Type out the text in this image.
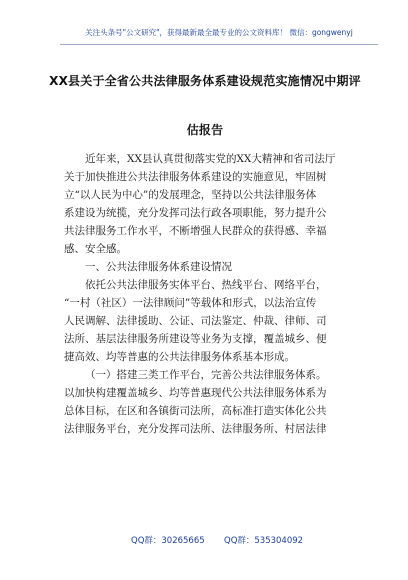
关注头条号"公文研究"，获得最新最全最专业的公文资料库！ 微信：gongwenyj
XX县关于全省公共法律服务体系建设规范实施情况中期评
估报告
近年来，XX县认真贯彻落实党的XX大精神和省司法厅
关于加快推进公共法律服务体系建设的实施意见，牢固树
立“以人民为中心”的发展理念，坚持以公共法律服务体
系建设为统揽，充分发挥司法行政各项职能，努力提升公
共法律服务工作水平，不断增强人民群众的获得感、幸福
感、安全感。
一、公共法律服务体系建设情况
依托公共法律服务实体平台、热线平台、网络平台，
“一村（社区）一法律顾问”等载体和形式，以法治宣传
人民调解、法律援助、公证、司法鉴定、仲裁、律师、司
法所、基层法律服务所建设等业务为支撑，覆盖城乡、便
捷高效、均等普惠的公共法律服务体系基本形成。
（一）搭建三类工作平台，完善公共法律服务体系。
以加快构建覆盖城乡、均等普惠现代公共法律服务体系为
总体目标，在区和各镇街司法所，高标准打造实体化公共
法律服务平台，充分发挥司法所、法律服务所、村居法律
QQ群：30265665 QQ群：535304092
